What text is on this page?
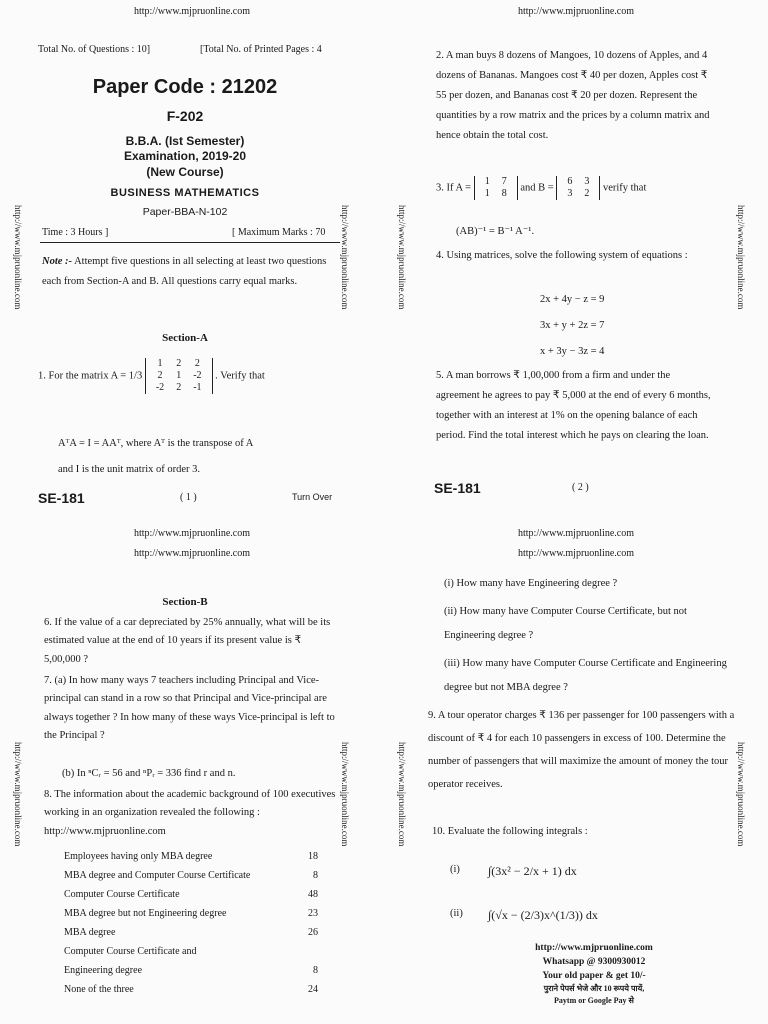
http://www.mjpruonline.com
http://www.mjpruonline.com	http://www.mjpruonline.com
Total No. of Questions : 10]	[Total No. of Printed Pages : 4
Paper Code : 21202
F-202
B.B.A. (Ist Semester)
Examination, 2019-20
(New Course)
BUSINESS MATHEMATICS
Paper-BBA-N-102
Time : 3 Hours ]	[ Maximum Marks : 70
Note :- Attempt five questions in all selecting at least two questions each from Section-A and B. All questions carry equal marks.
Section-A
1. For the matrix A = 1/3
1	2	2
2	1	-2
-2	2	-1
. Verify that
AᵀA = I = AAᵀ, where Aᵀ is the transpose of A
and I is the unit matrix of order 3.
SE-181	( 1 )	Turn Over
http://www.mjpruonline.com
http://www.mjpruonline.com	http://www.mjpruonline.com
2. A man buys 8 dozens of Mangoes, 10 dozens of Apples, and 4 dozens of Bananas. Mangoes cost ₹ 40 per dozen, Apples cost ₹ 55 per dozen, and Bananas cost ₹ 20 per dozen. Represent the quantities by a row matrix and the prices by a column matrix and hence obtain the total cost.
3. If A =
1	7
1	8
and B =
6	3
3	2
verify that
(AB)⁻¹ = B⁻¹ A⁻¹.
4. Using matrices, solve the following system of equations :
2x + 4y − z = 9
3x + y + 2z = 7
x + 3y − 3z = 4
5. A man borrows ₹ 1,00,000 from a firm and under the agreement he agrees to pay ₹ 5,000 at the end of every 6 months, together with an interest at 1% on the opening balance of each period. Find the total interest which he pays on clearing the loan.
SE-181	( 2 )
http://www.mjpruonline.com
http://www.mjpruonline.com
http://www.mjpruonline.com	http://www.mjpruonline.com
Section-B
6. If the value of a car depreciated by 25% annually, what will be its estimated value at the end of 10 years if its present value is ₹ 5,00,000 ?
7. (a) In how many ways 7 teachers including Principal and Vice-principal can stand in a row so that Principal and Vice-principal are always together ? In how many of these ways Vice-principal is left to the Principal ?
(b) In ⁿCᵣ = 56 and ⁿPᵣ = 336 find r and n.
8. The information about the academic background of 100 executives working in an organization revealed the following : http://www.mjpruonline.com
Employees having only MBA degree	18
MBA degree and Computer Course Certificate	8
Computer Course Certificate	48
MBA degree but not Engineering degree	23
MBA degree	26
Computer Course Certificate and	
Engineering degree	8
None of the three	24
http://www.mjpruonline.com
http://www.mjpruonline.com
http://www.mjpruonline.com	http://www.mjpruonline.com
(i) How many have Engineering degree ?
(ii) How many have Computer Course Certificate, but not Engineering degree ?
(iii) How many have Computer Course Certificate and Engineering degree but not MBA degree ?
9. A tour operator charges ₹ 136 per passenger for 100 passengers with a discount of ₹ 4 for each 10 passengers in excess of 100. Determine the number of passengers that will maximize the amount of money the tour operator receives.
10. Evaluate the following integrals :
(i) ∫(3x² − 2/x + 1) dx
(ii) ∫(√x − (2/3)x^(1/3)) dx
http://www.mjpruonline.com
Whatsapp @ 9300930012
Your old paper & get 10/-
पुराने पेपर्स भेजे और 10 रूपये पायें,
Paytm or Google Pay से
